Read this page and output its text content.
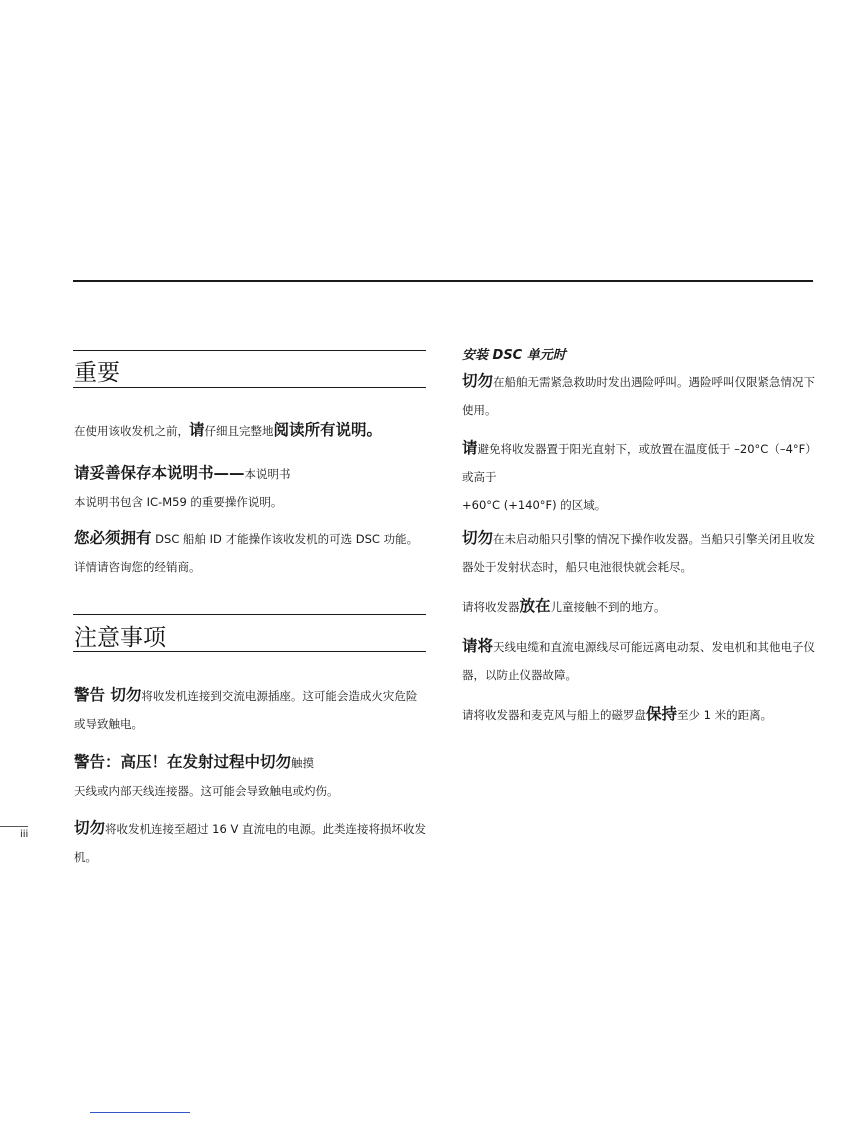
重要
在使用该收发机之前，请仔细且完整地阅读所有说明。
请妥善保存本说明书——本说明书
本说明书包含 IC-M59 的重要操作说明。
您必须拥有 DSC 船舶 ID 才能操作该收发机的可选 DSC 功能。详情请咨询您的经销商。
注意事项
警告 切勿将收发机连接到交流电源插座。这可能会造成火灾危险或导致触电。
警告：高压！在发射过程中切勿触摸
天线或内部天线连接器。这可能会导致触电或灼伤。
切勿将收发机连接至超过 16 V 直流电的电源。此类连接将损坏收发机。
安装 DSC 单元时
切勿在船舶无需紧急救助时发出遇险呼叫。遇险呼叫仅限紧急情况下使用。
请避免将收发器置于阳光直射下，或放置在温度低于 –20°C（–4°F）或高于
+60°C (+140°F) 的区域。
切勿在未启动船只引擎的情况下操作收发器。当船只引擎关闭且收发器处于发射状态时，船只电池很快就会耗尽。
请将收发器放在儿童接触不到的地方。
请将天线电缆和直流电源线尽可能远离电动泵、发电机和其他电子仪器，以防止仪器故障。
请将收发器和麦克风与船上的磁罗盘保持至少 1 米的距离。
iii
